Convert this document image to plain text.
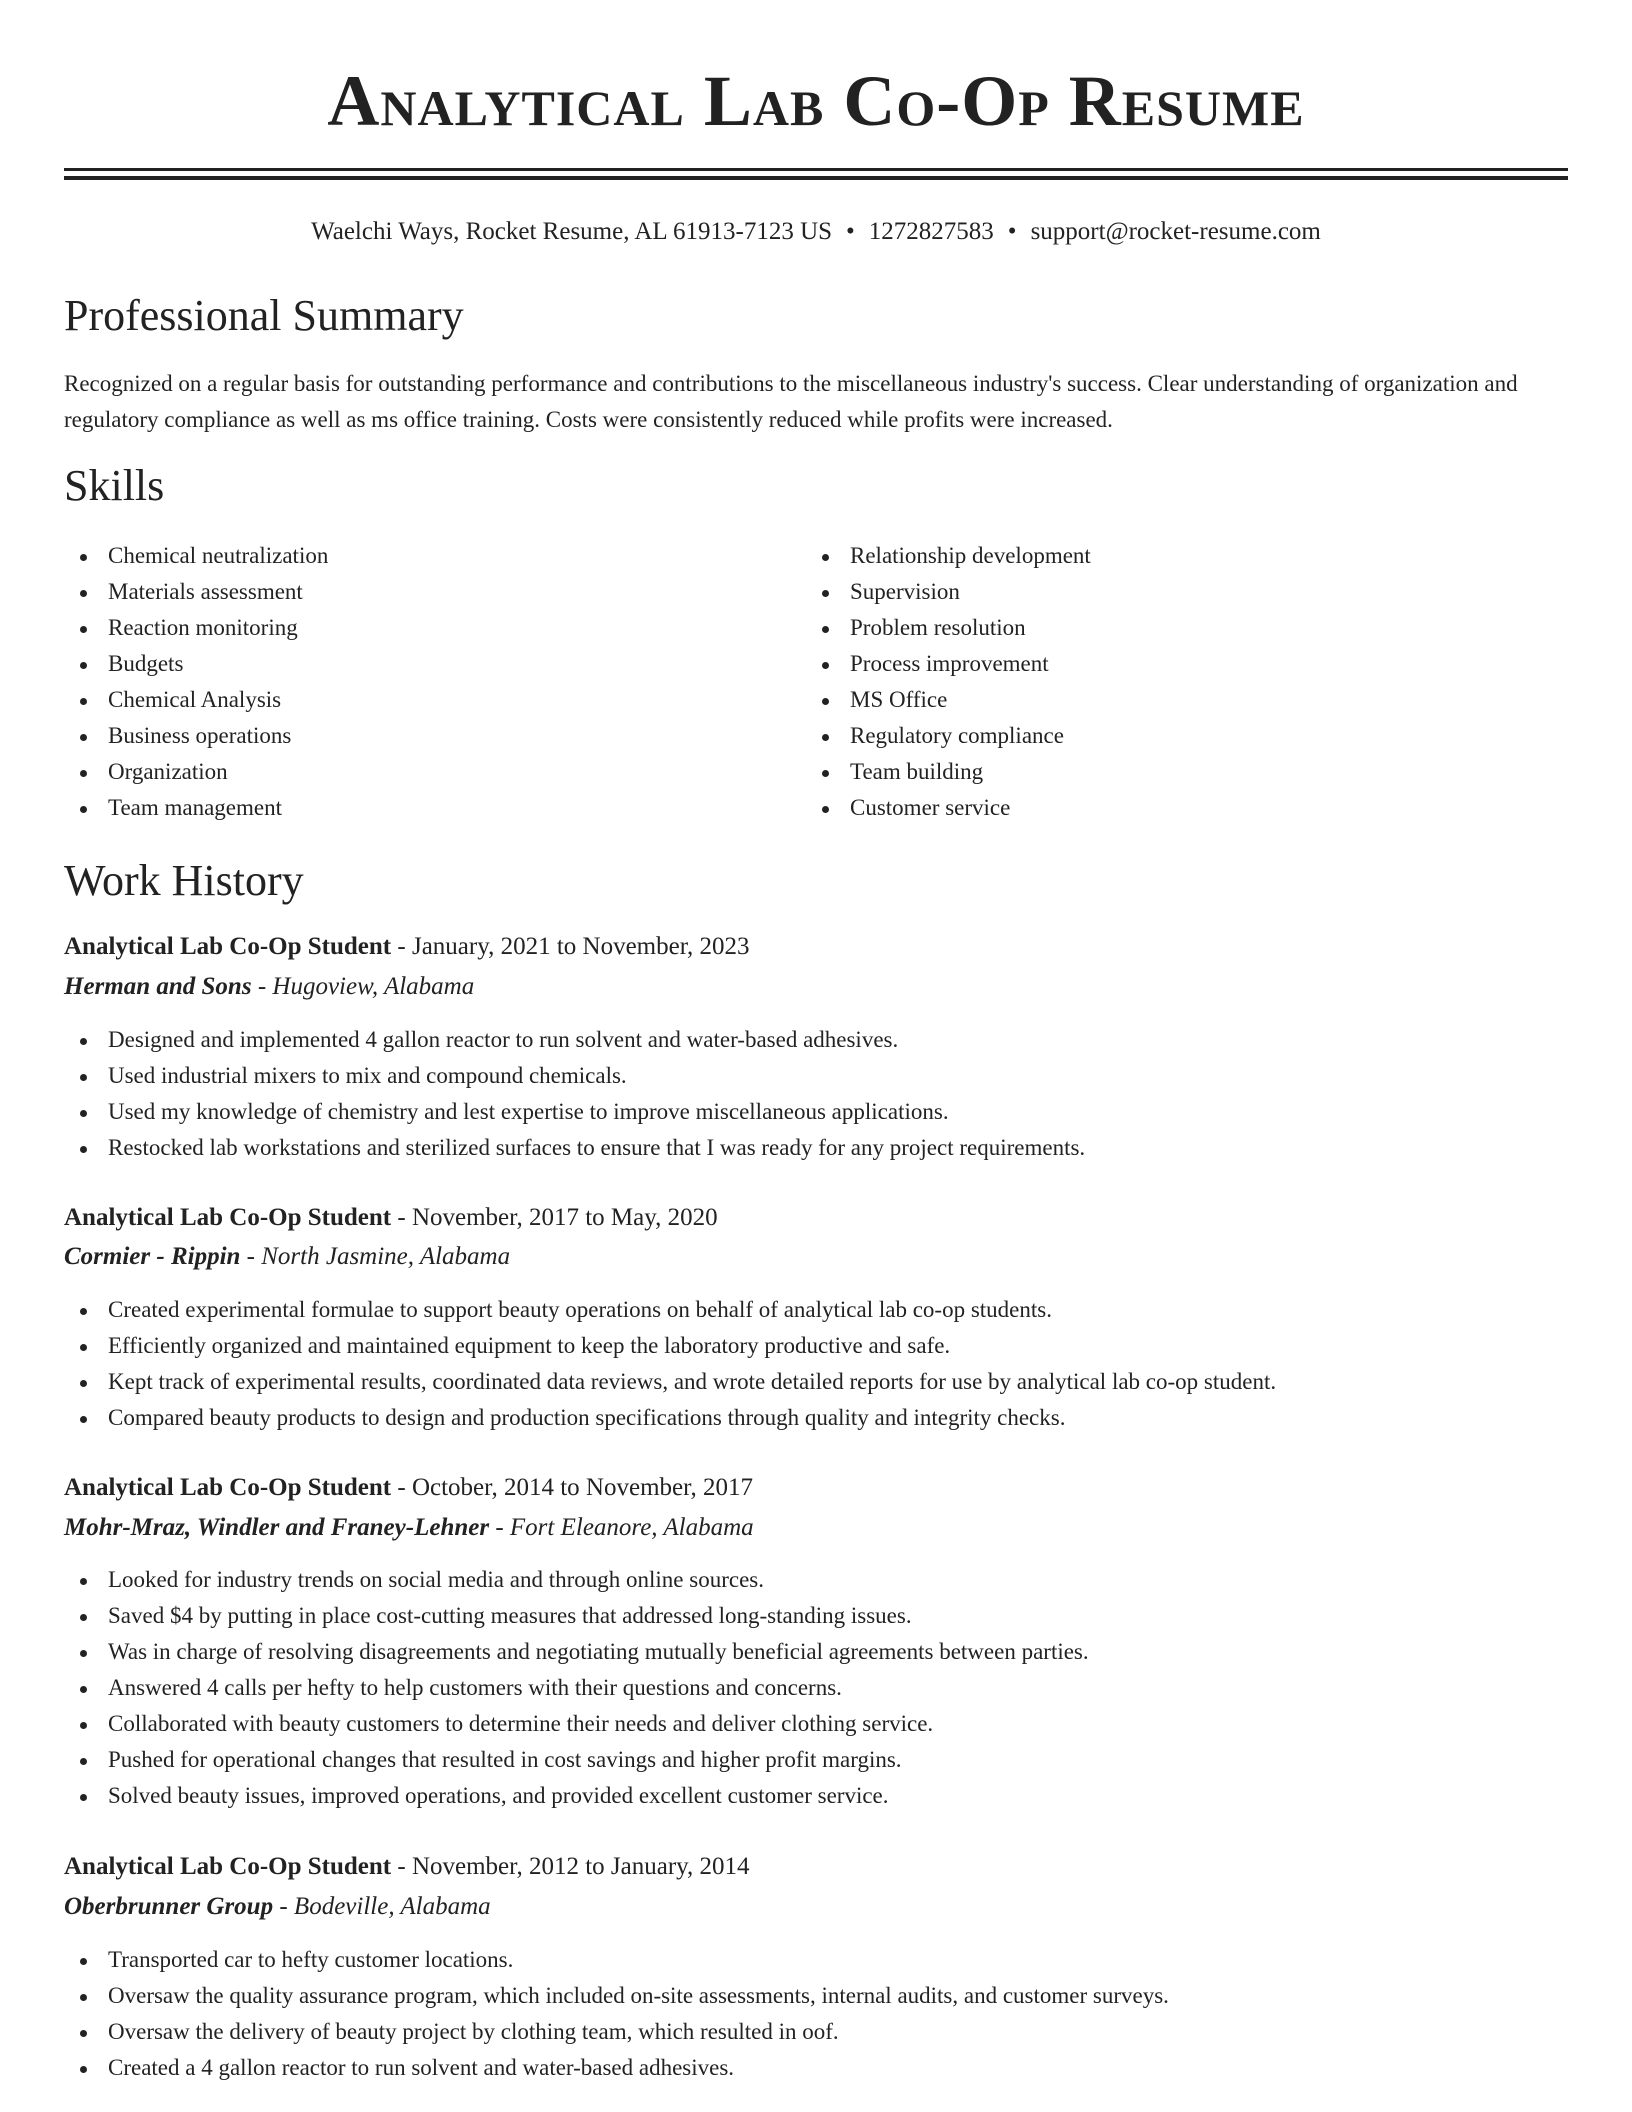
Analytical Lab Co-Op Resume
Waelchi Ways, Rocket Resume, AL 61913-7123 US • 1272827583 • support@rocket-resume.com
Professional Summary
Recognized on a regular basis for outstanding performance and contributions to the miscellaneous industry's success. Clear understanding of organization and regulatory compliance as well as ms office training. Costs were consistently reduced while profits were increased.
Skills
Chemical neutralization
Materials assessment
Reaction monitoring
Budgets
Chemical Analysis
Business operations
Organization
Team management
Relationship development
Supervision
Problem resolution
Process improvement
MS Office
Regulatory compliance
Team building
Customer service
Work History
Analytical Lab Co-Op Student - January, 2021 to November, 2023
Herman and Sons - Hugoview, Alabama
Designed and implemented 4 gallon reactor to run solvent and water-based adhesives.
Used industrial mixers to mix and compound chemicals.
Used my knowledge of chemistry and lest expertise to improve miscellaneous applications.
Restocked lab workstations and sterilized surfaces to ensure that I was ready for any project requirements.
Analytical Lab Co-Op Student - November, 2017 to May, 2020
Cormier - Rippin - North Jasmine, Alabama
Created experimental formulae to support beauty operations on behalf of analytical lab co-op students.
Efficiently organized and maintained equipment to keep the laboratory productive and safe.
Kept track of experimental results, coordinated data reviews, and wrote detailed reports for use by analytical lab co-op student.
Compared beauty products to design and production specifications through quality and integrity checks.
Analytical Lab Co-Op Student - October, 2014 to November, 2017
Mohr-Mraz, Windler and Franey-Lehner - Fort Eleanore, Alabama
Looked for industry trends on social media and through online sources.
Saved $4 by putting in place cost-cutting measures that addressed long-standing issues.
Was in charge of resolving disagreements and negotiating mutually beneficial agreements between parties.
Answered 4 calls per hefty to help customers with their questions and concerns.
Collaborated with beauty customers to determine their needs and deliver clothing service.
Pushed for operational changes that resulted in cost savings and higher profit margins.
Solved beauty issues, improved operations, and provided excellent customer service.
Analytical Lab Co-Op Student - November, 2012 to January, 2014
Oberbrunner Group - Bodeville, Alabama
Transported car to hefty customer locations.
Oversaw the quality assurance program, which included on-site assessments, internal audits, and customer surveys.
Oversaw the delivery of beauty project by clothing team, which resulted in oof.
Created a 4 gallon reactor to run solvent and water-based adhesives.
